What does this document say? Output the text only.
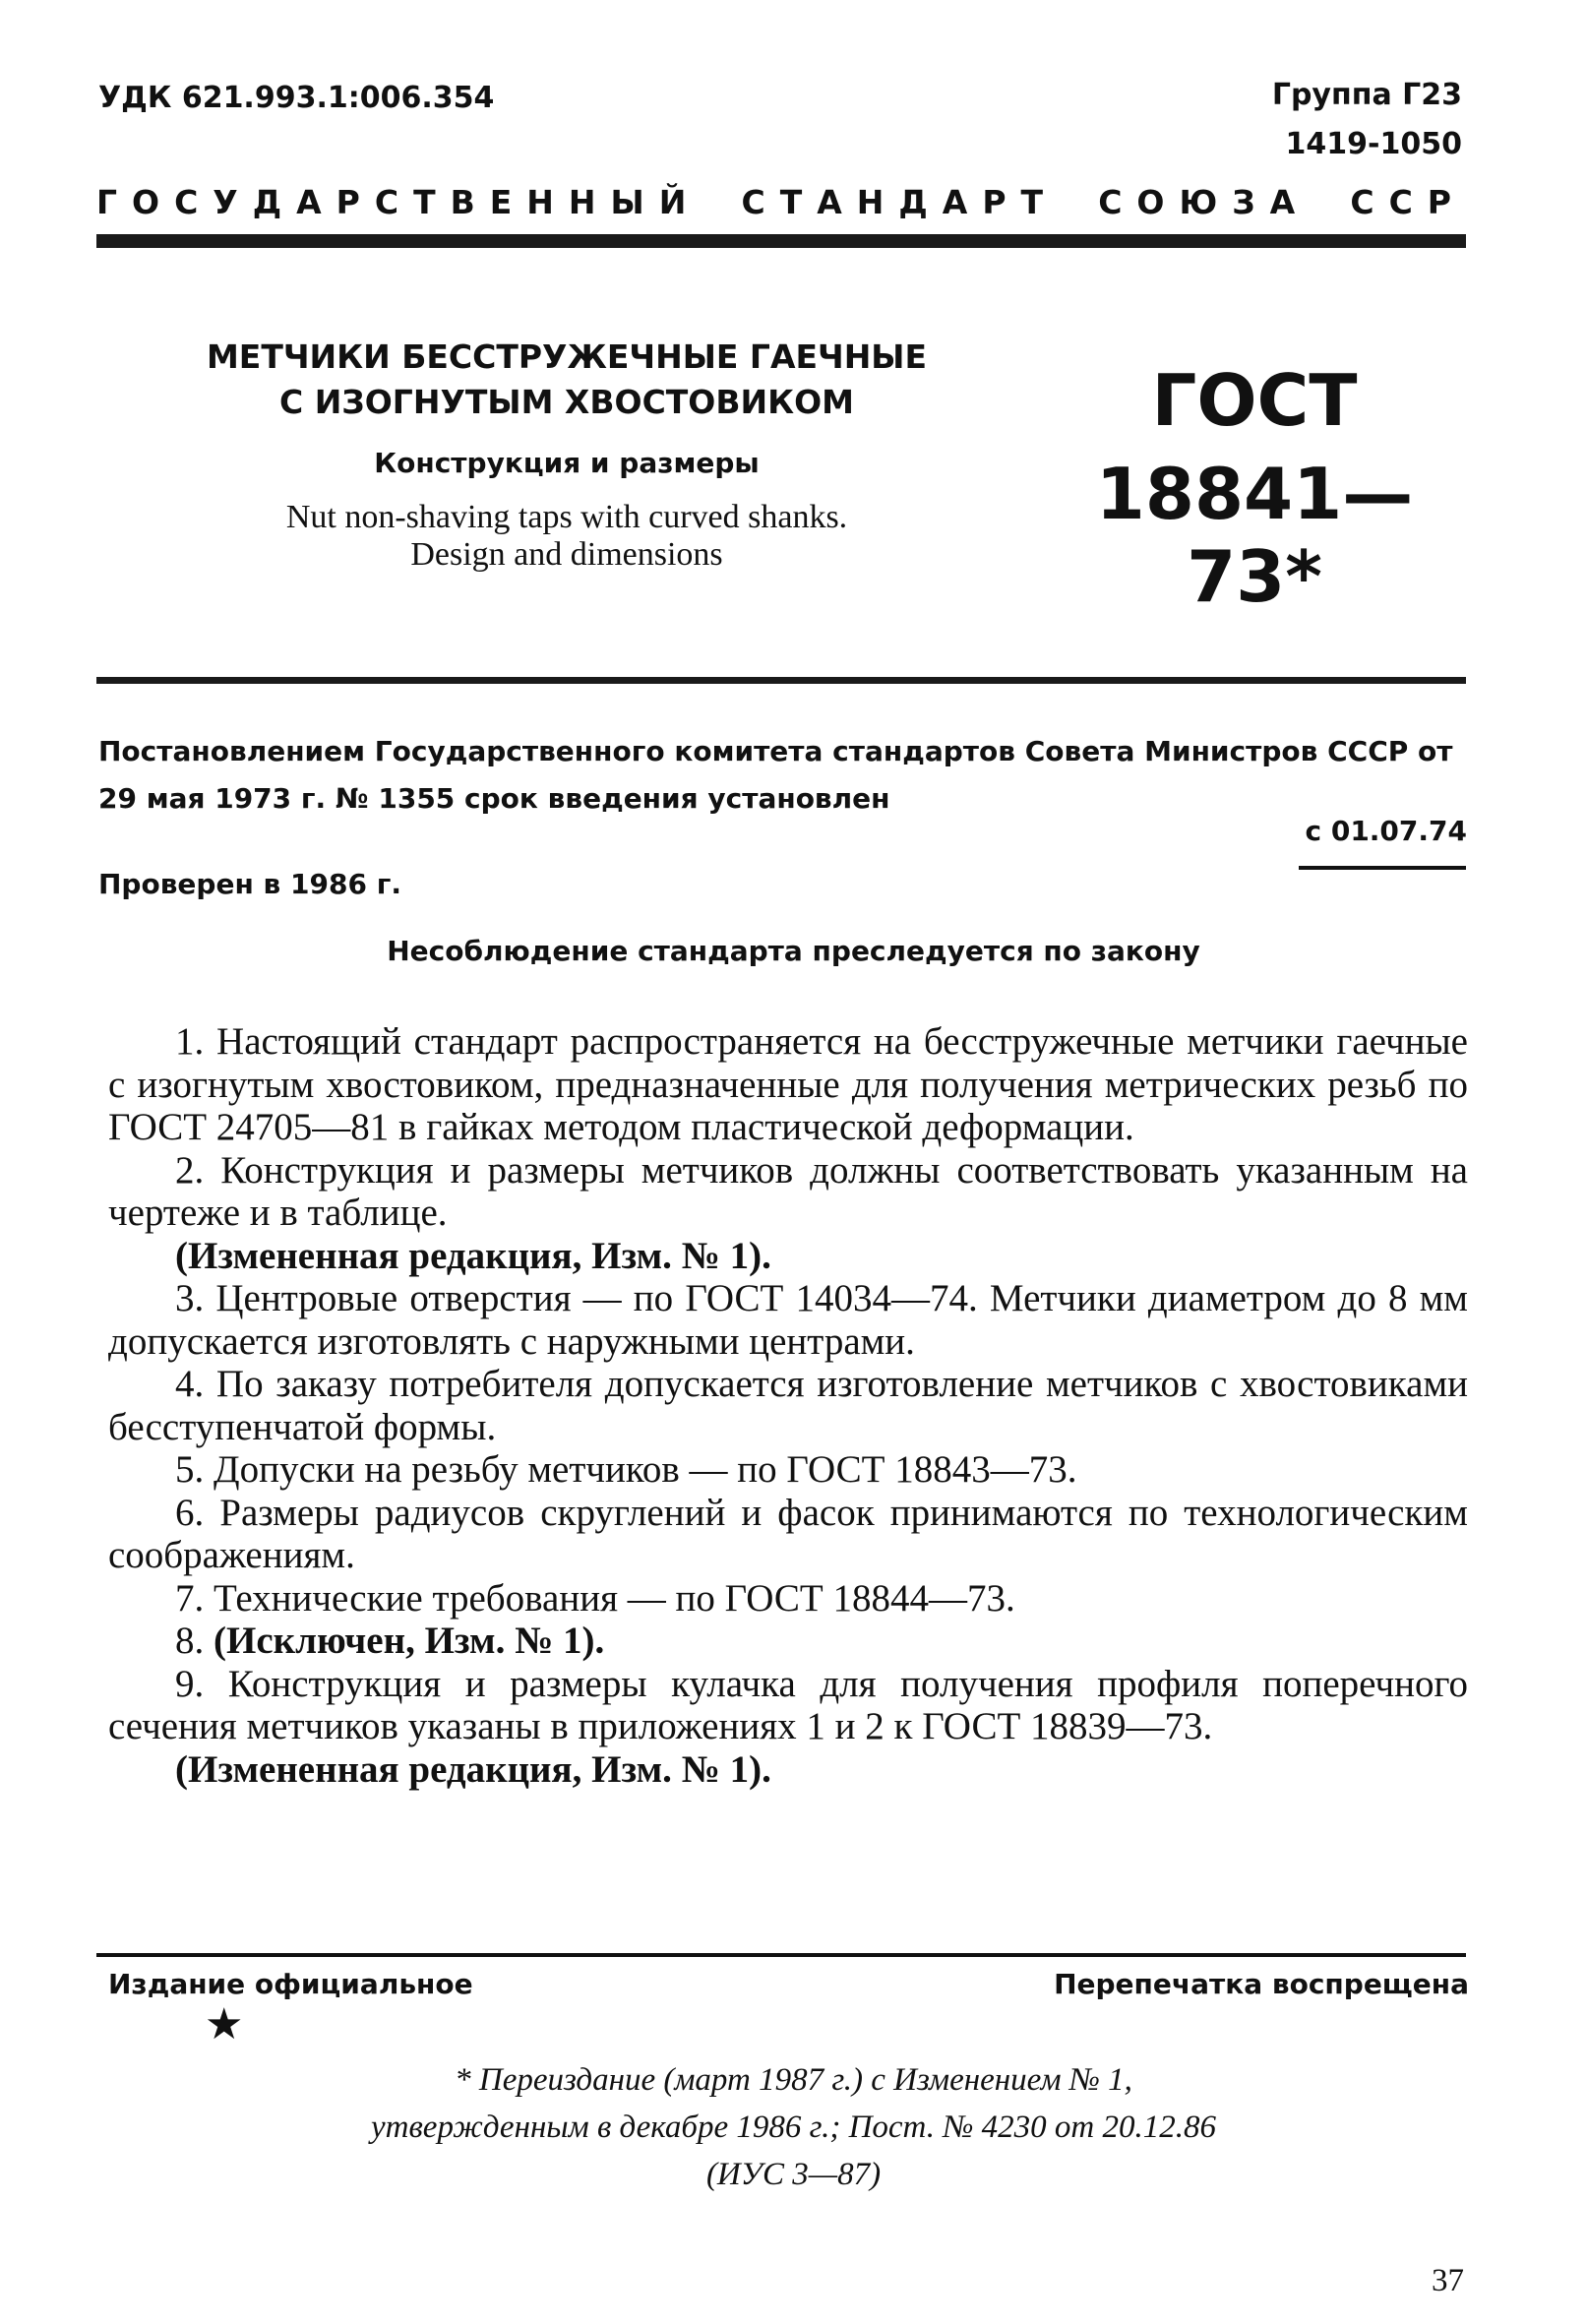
УДК 621.993.1:006.354	Группа Г23
1419-1050
ГОСУДАРСТВЕННЫЙ СТАНДАРТ СОЮЗА ССР
МЕТЧИКИ БЕССТРУЖЕЧНЫЕ ГАЕЧНЫЕ
С ИЗОГНУТЫМ ХВОСТОВИКОМ
Конструкция и размеры
Nut non-shaving taps with curved shanks.
Design and dimensions
ГОСТ
18841—73*
Постановлением Государственного комитета стандартов Совета Министров СССР от 29 мая 1973 г. № 1355 срок введения установлен
с 01.07.74
Проверен в 1986 г.
Несоблюдение стандарта преследуется по закону

1. Настоящий стандарт распространяется на бесстружечные метчики гаечные с изогнутым хвостовиком, предназначенные для получения метрических резьб по ГОСТ 24705—81 в гайках методом пластической деформации.

2. Конструкция и размеры метчиков должны соответствовать указанным на чертеже и в таблице.

(Измененная редакция, Изм. № 1).

3. Центровые отверстия — по ГОСТ 14034—74. Метчики диаметром до 8 мм допускается изготовлять с наружными центрами.

4. По заказу потребителя допускается изготовление метчиков с хвостовиками бесступенчатой формы.

5. Допуски на резьбу метчиков — по ГОСТ 18843—73.

6. Размеры радиусов скруглений и фасок принимаются по технологическим соображениям.

7. Технические требования — по ГОСТ 18844—73.

8. (Исключен, Изм. № 1).

9. Конструкция и размеры кулачка для получения профиля поперечного сечения метчиков указаны в приложениях 1 и 2 к ГОСТ 18839—73.

(Измененная редакция, Изм. № 1).

Издание официальное	Перепечатка воспрещена
★
* Переиздание (март 1987 г.) с Изменением № 1,
утвержденным в декабре 1986 г.; Пост. № 4230 от 20.12.86
(ИУС 3—87)
37
